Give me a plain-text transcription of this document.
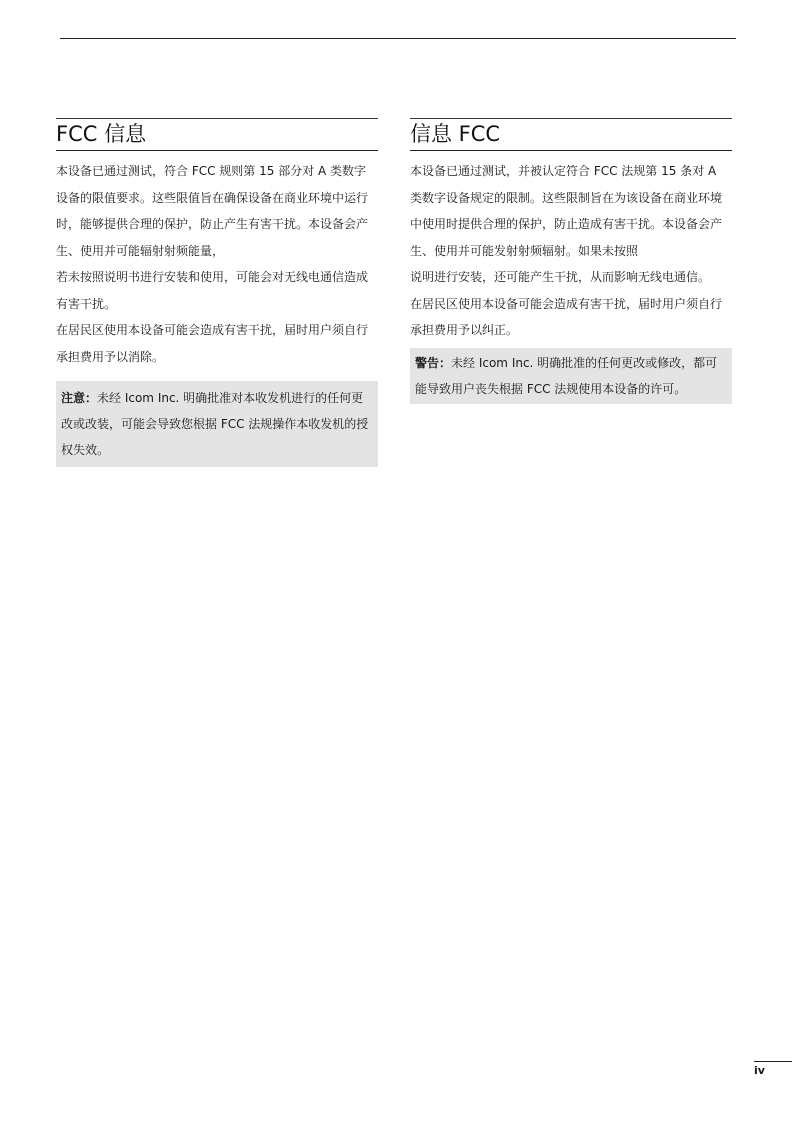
FCC 信息

本设备已通过测试，符合 FCC 规则第 15 部分对 A 类数字设备的限值要求。这些限值旨在确保设备在商业环境中运行时，能够提供合理的保护，防止产生有害干扰。本设备会产生、使用并可能辐射射频能量，

若未按照说明书进行安装和使用，可能会对无线电通信造成有害干扰。

在居民区使用本设备可能会造成有害干扰，届时用户须自行承担费用予以消除。

注意：未经 Icom Inc. 明确批准对本收发机进行的任何更改或改装，可能会导致您根据 FCC 法规操作本收发机的授权失效。
信息 FCC

本设备已通过测试，并被认定符合 FCC 法规第 15 条对 A 类数字设备规定的限制。这些限制旨在为该设备在商业环境中使用时提供合理的保护，防止造成有害干扰。本设备会产生、使用并可能发射射频辐射。如果未按照

说明进行安装，还可能产生干扰，从而影响无线电通信。

在居民区使用本设备可能会造成有害干扰，届时用户须自行承担费用予以纠正。

警告：未经 Icom Inc. 明确批准的任何更改或修改，都可能导致用户丧失根据 FCC 法规使用本设备的许可。
iv
